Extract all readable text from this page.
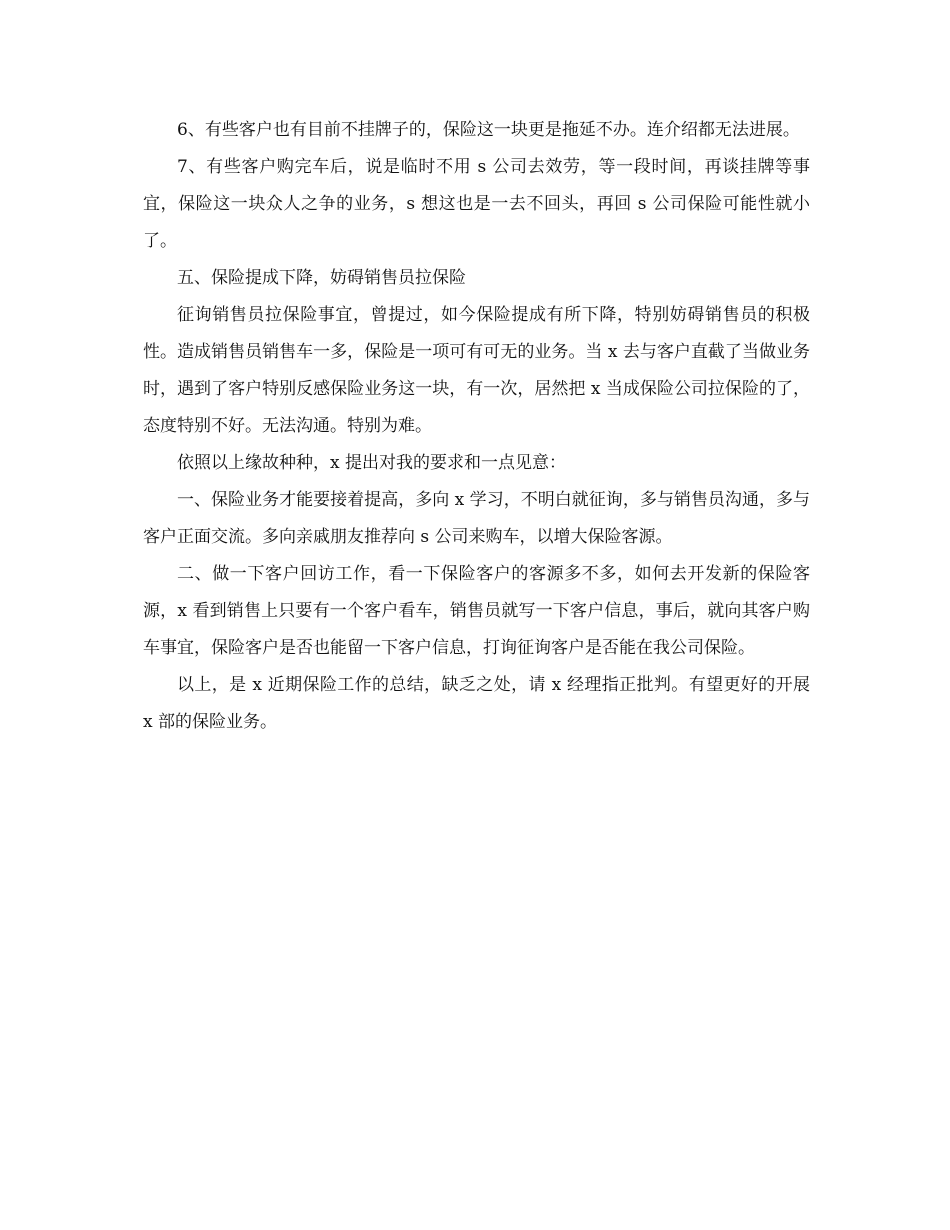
6、有些客户也有目前不挂牌子的，保险这一块更是拖延不办。连介绍都无法进展。

7、有些客户购完车后，说是临时不用 s 公司去效劳，等一段时间，再谈挂牌等事宜，保险这一块众人之争的业务，s 想这也是一去不回头，再回 s 公司保险可能性就小了。

五、保险提成下降，妨碍销售员拉保险

征询销售员拉保险事宜，曾提过，如今保险提成有所下降，特别妨碍销售员的积极性。造成销售员销售车一多，保险是一项可有可无的业务。当 x 去与客户直截了当做业务时，遇到了客户特别反感保险业务这一块，有一次，居然把 x 当成保险公司拉保险的了，态度特别不好。无法沟通。特别为难。

依照以上缘故种种，x 提出对我的要求和一点见意：

一、保险业务才能要接着提高，多向 x 学习，不明白就征询，多与销售员沟通，多与客户正面交流。多向亲戚朋友推荐向 s 公司来购车，以增大保险客源。

二、做一下客户回访工作，看一下保险客户的客源多不多，如何去开发新的保险客源，x 看到销售上只要有一个客户看车，销售员就写一下客户信息，事后，就向其客户购车事宜，保险客户是否也能留一下客户信息，打询征询客户是否能在我公司保险。

以上，是 x 近期保险工作的总结，缺乏之处，请 x 经理指正批判。有望更好的开展 x 部的保险业务。
